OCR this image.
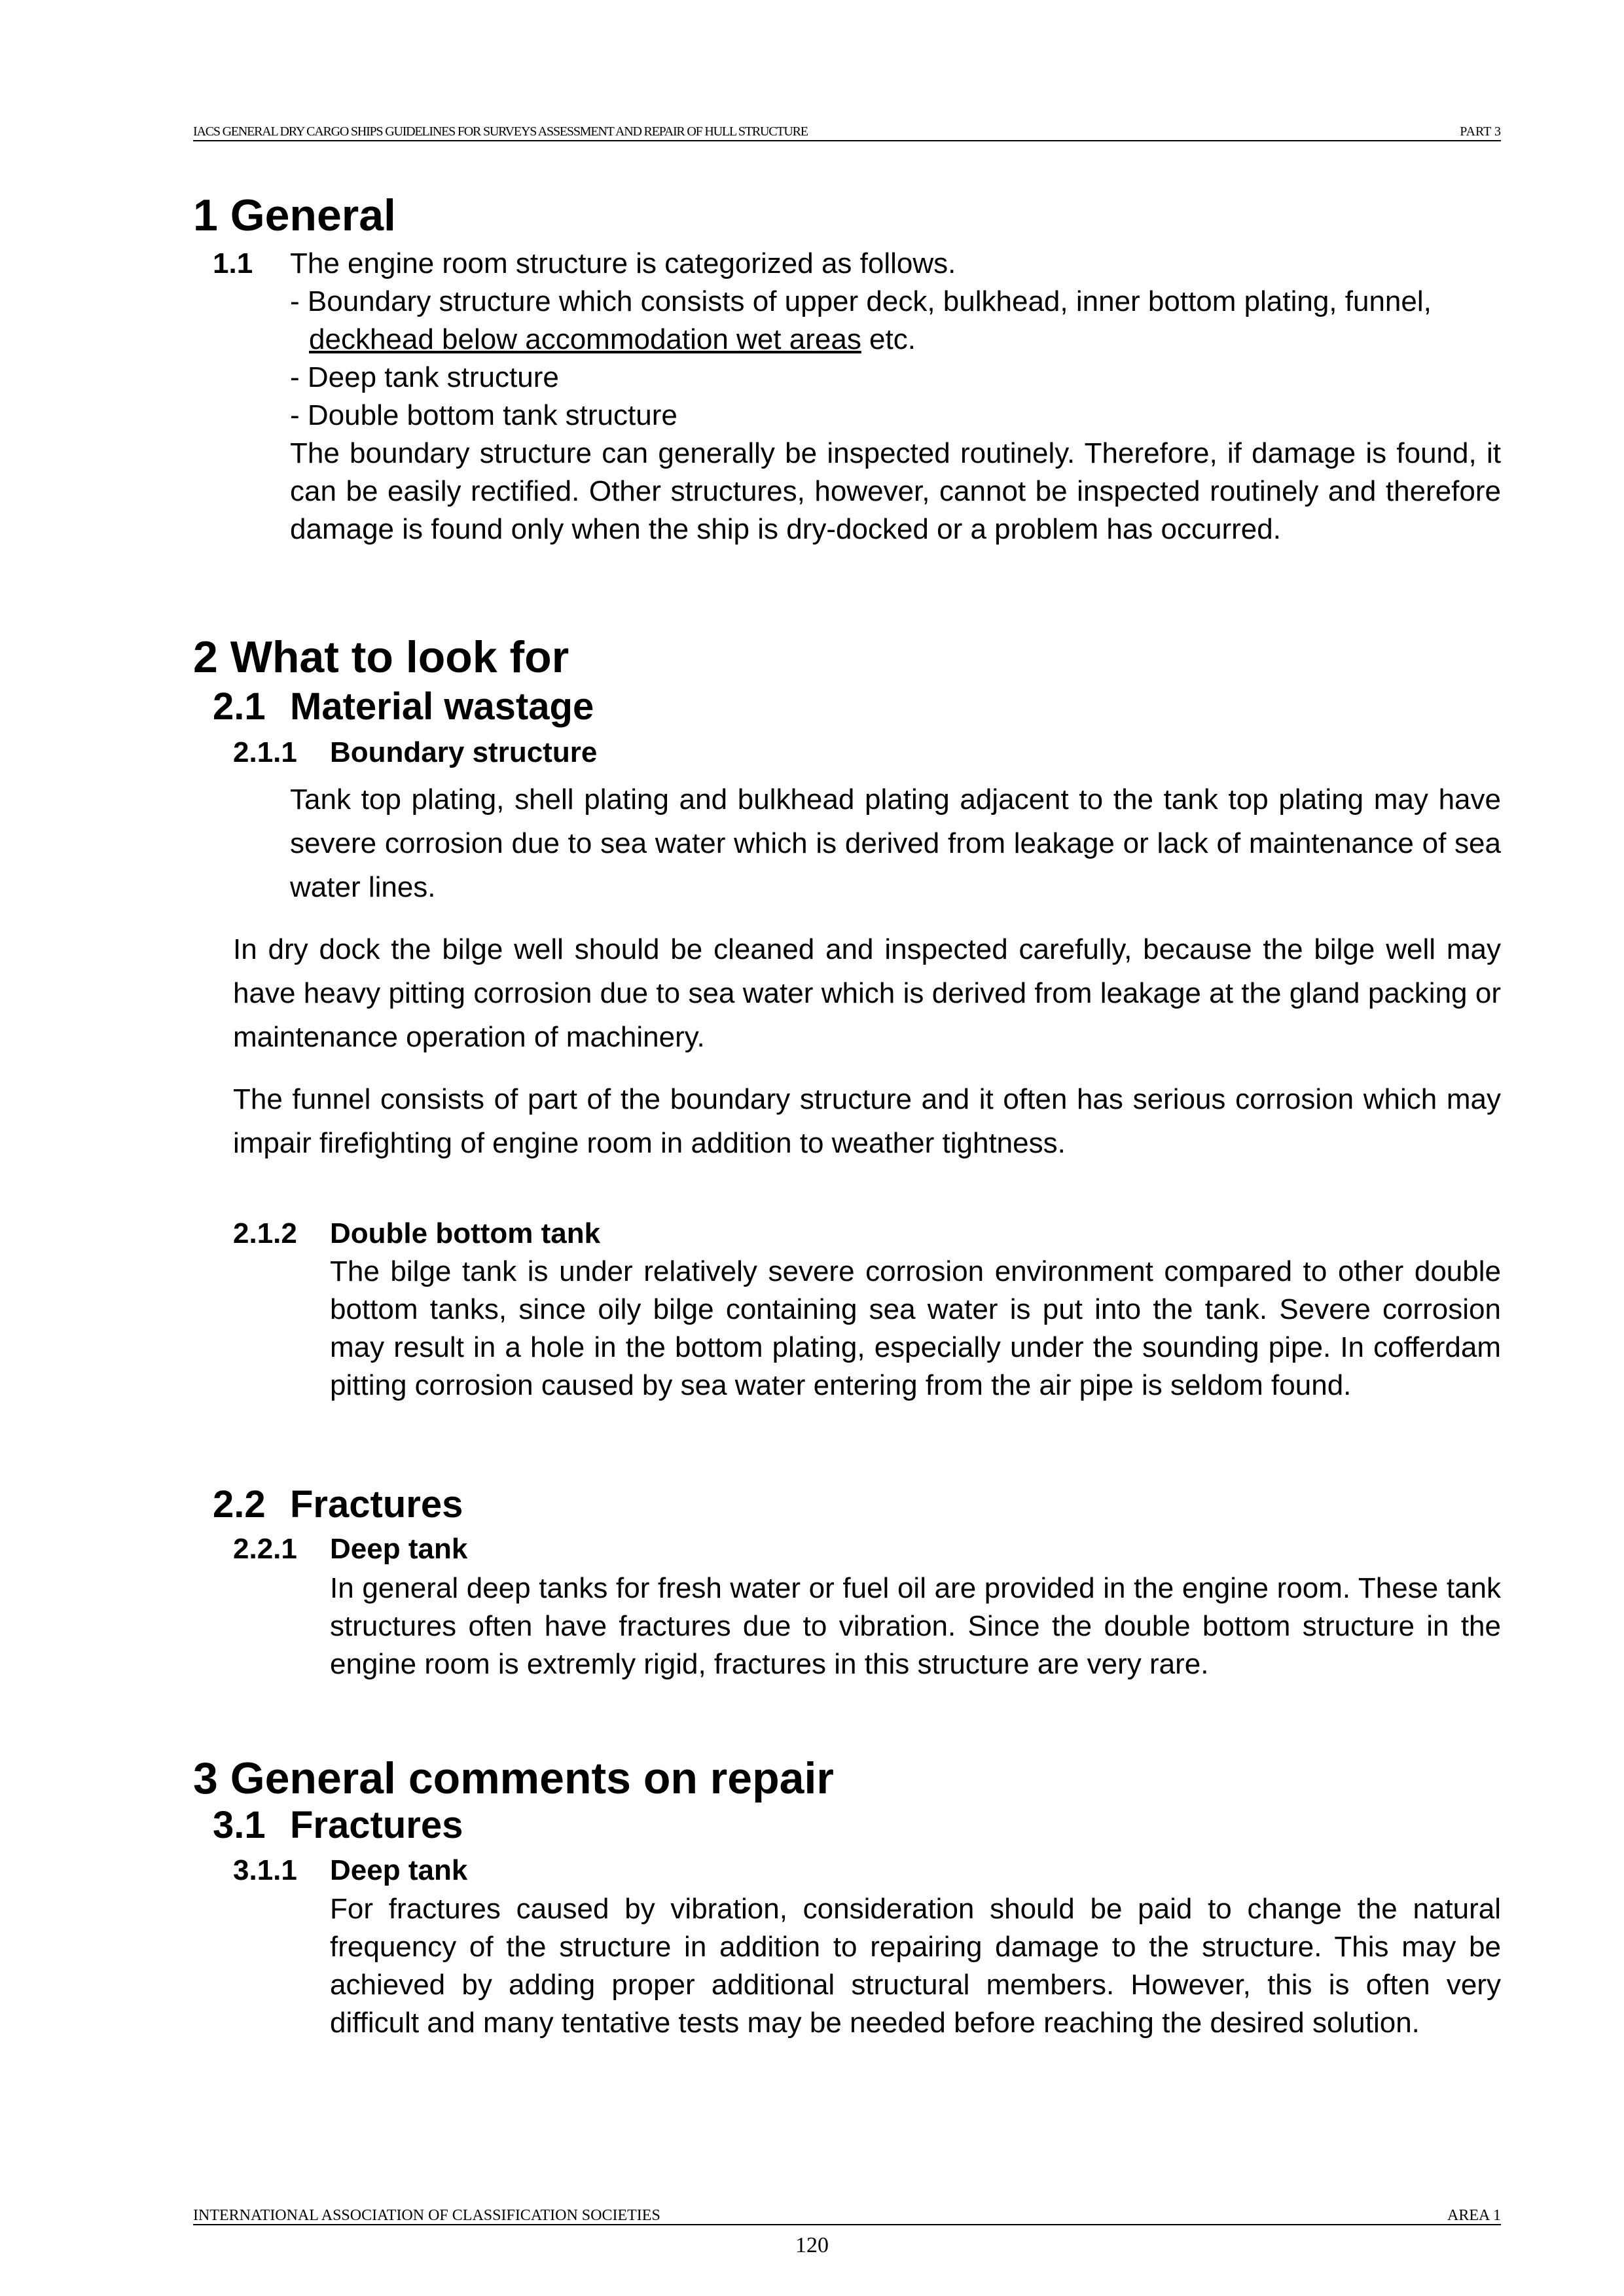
IACS GENERAL DRY CARGO SHIPS GUIDELINES FOR SURVEYS ASSESSMENT AND REPAIR OF HULL STRUCTURE	PART 3
1 General
1.1 The engine room structure is categorized as follows.
- Boundary structure which consists of upper deck, bulkhead, inner bottom plating, funnel,
deckhead below accommodation wet areas etc.
- Deep tank structure
- Double bottom tank structure
The boundary structure can generally be inspected routinely. Therefore, if damage is found, it can be easily rectified. Other structures, however, cannot be inspected routinely and therefore damage is found only when the ship is dry-docked or a problem has occurred.
2 What to look for
2.1 Material wastage
2.1.1 Boundary structure
Tank top plating, shell plating and bulkhead plating adjacent to the tank top plating may have severe corrosion due to sea water which is derived from leakage or lack of maintenance of sea water lines.
In dry dock the bilge well should be cleaned and inspected carefully, because the bilge well may have heavy pitting corrosion due to sea water which is derived from leakage at the gland packing or maintenance operation of machinery.
The funnel consists of part of the boundary structure and it often has serious corrosion which may impair firefighting of engine room in addition to weather tightness.
2.1.2 Double bottom tank
The bilge tank is under relatively severe corrosion environment compared to other double bottom tanks, since oily bilge containing sea water is put into the tank. Severe corrosion may result in a hole in the bottom plating, especially under the sounding pipe. In cofferdam pitting corrosion caused by sea water entering from the air pipe is seldom found.
2.2 Fractures
2.2.1 Deep tank
In general deep tanks for fresh water or fuel oil are provided in the engine room. These tank structures often have fractures due to vibration. Since the double bottom structure in the engine room is extremly rigid, fractures in this structure are very rare.
3 General comments on repair
3.1 Fractures
3.1.1 Deep tank
For fractures caused by vibration, consideration should be paid to change the natural frequency of the structure in addition to repairing damage to the structure. This may be achieved by adding proper additional structural members. However, this is often very difficult and many tentative tests may be needed before reaching the desired solution.
INTERNATIONAL ASSOCIATION OF CLASSIFICATION SOCIETIES	AREA 1
120
